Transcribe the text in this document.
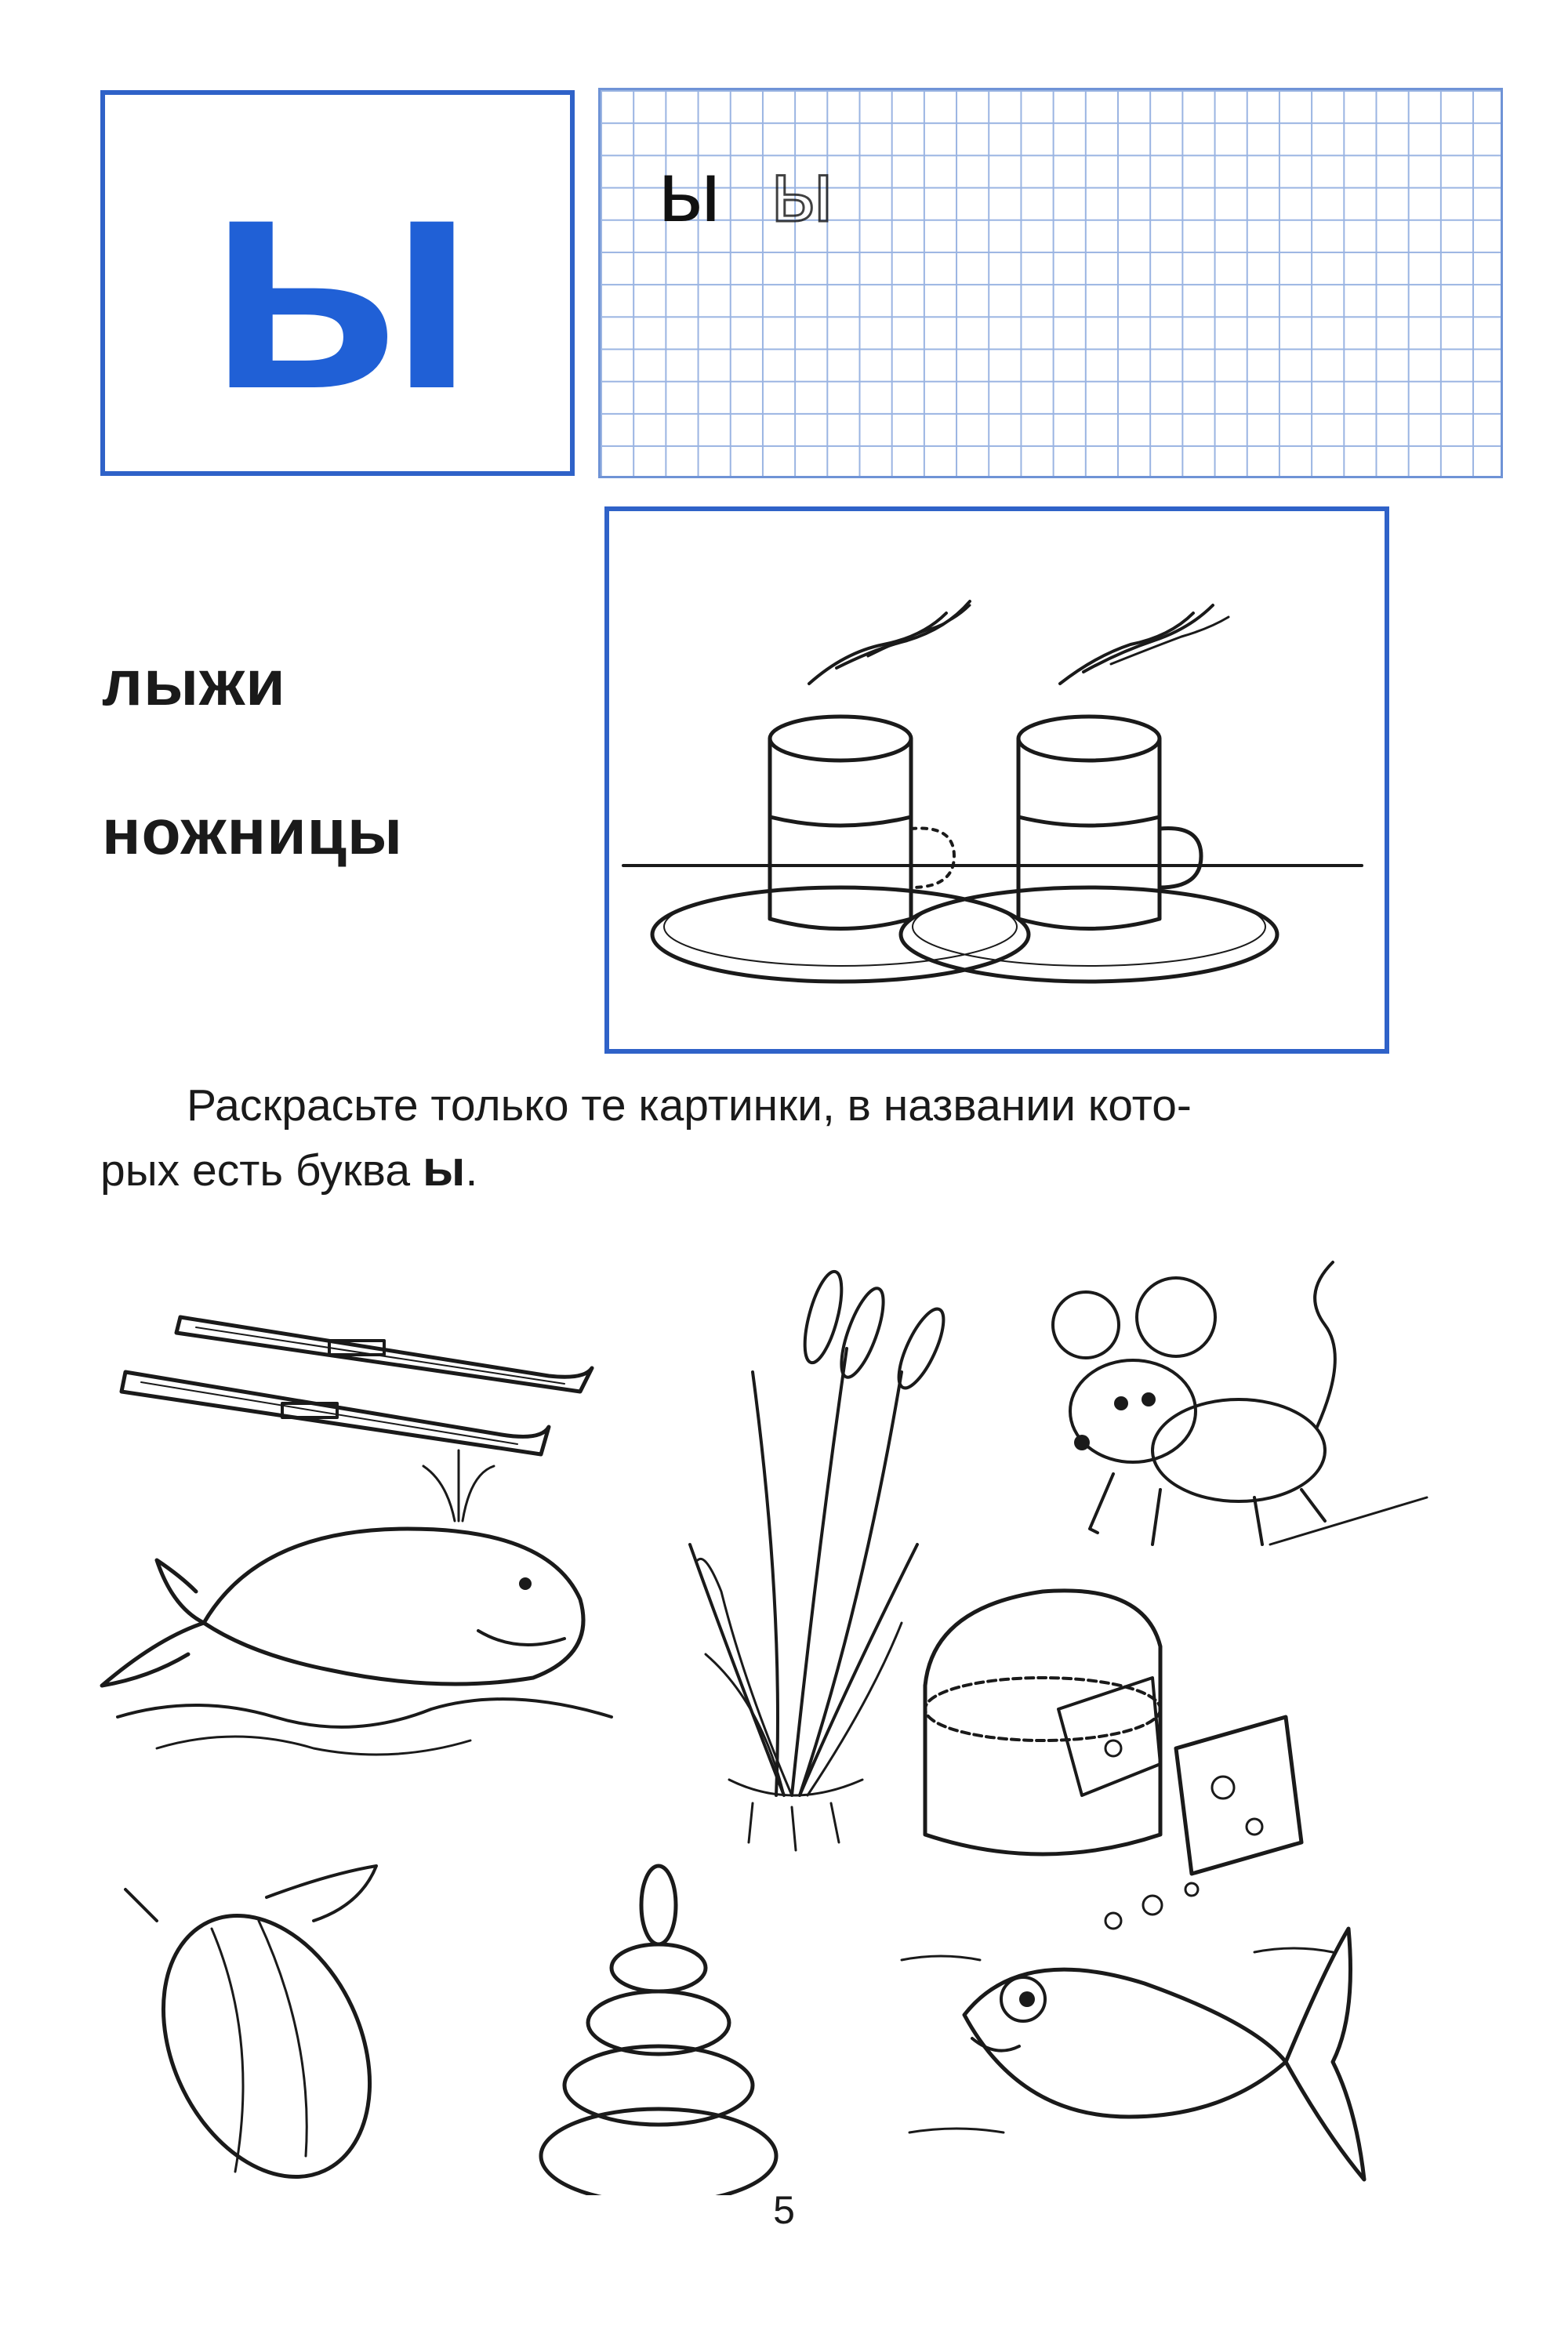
ы	ы ы
лыжи
ножницы
Раскрасьте только те картинки, в названии кото-
рых есть буква ы.
5
